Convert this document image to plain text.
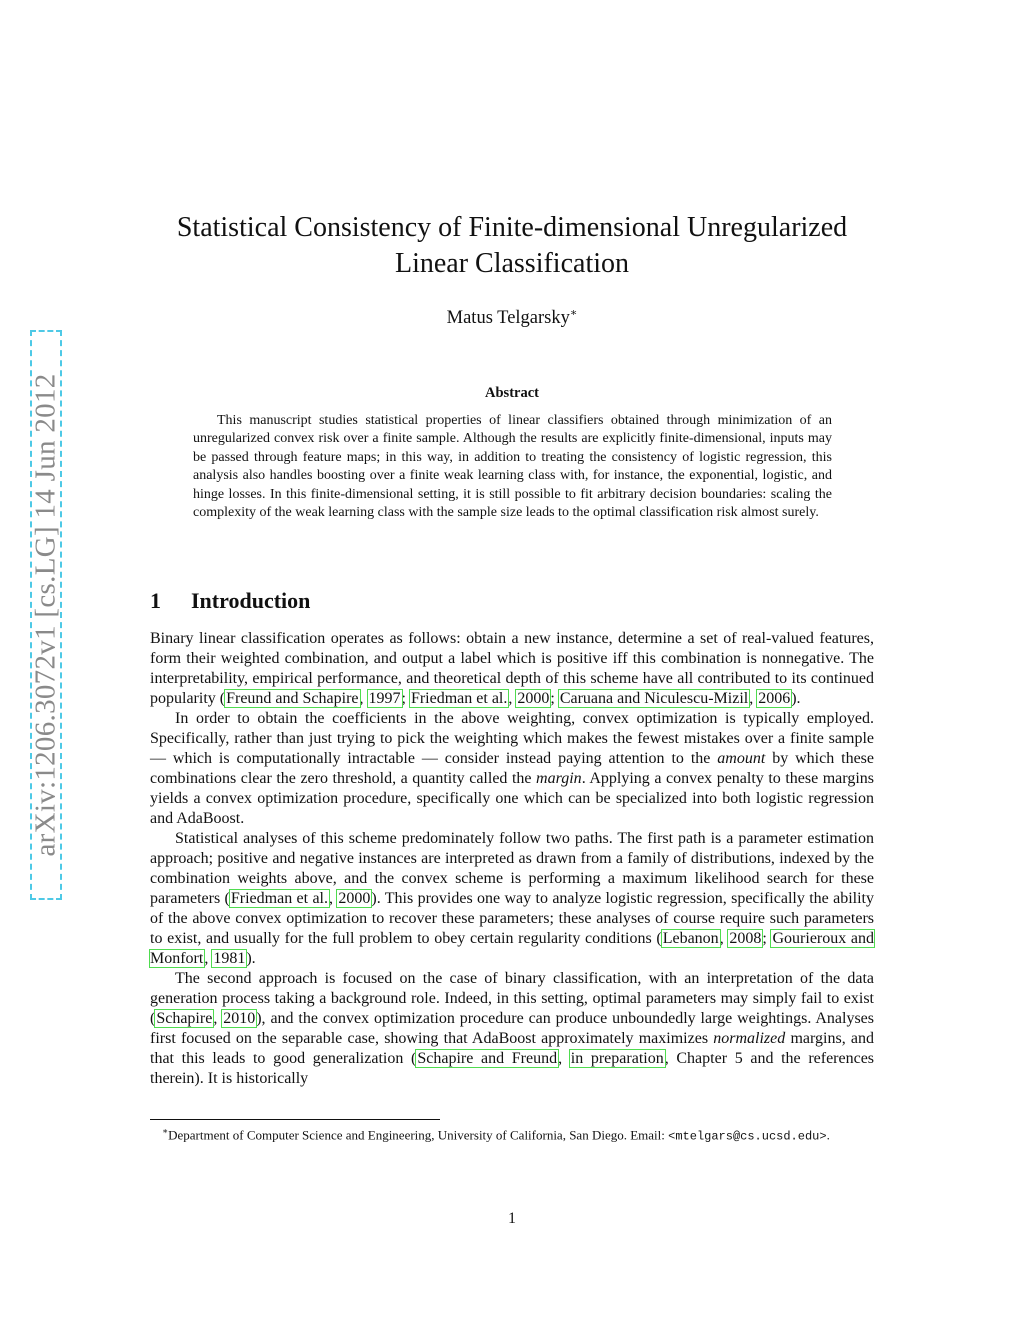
arXiv:1206.3072v1 [cs.LG] 14 Jun 2012
Statistical Consistency of Finite-dimensional Unregularized
Linear Classification
Matus Telgarsky∗
Abstract
This manuscript studies statistical properties of linear classifiers obtained through minimization of an unregularized convex risk over a finite sample. Although the results are explicitly finite-dimensional, inputs may be passed through feature maps; in this way, in addition to treating the consistency of logistic regression, this analysis also handles boosting over a finite weak learning class with, for instance, the exponential, logistic, and hinge losses. In this finite-dimensional setting, it is still possible to fit arbitrary decision boundaries: scaling the complexity of the weak learning class with the sample size leads to the optimal classification risk almost surely.
1 Introduction

Binary linear classification operates as follows: obtain a new instance, determine a set of real-valued features, form their weighted combination, and output a label which is positive iff this combination is nonnegative. The interpretability, empirical performance, and theoretical depth of this scheme have all contributed to its continued popularity (Freund and Schapire, 1997; Friedman et al., 2000; Caruana and Niculescu-Mizil, 2006).

In order to obtain the coefficients in the above weighting, convex optimization is typically employed. Specifically, rather than just trying to pick the weighting which makes the fewest mistakes over a finite sample — which is computationally intractable — consider instead paying attention to the amount by which these combinations clear the zero threshold, a quantity called the margin. Applying a convex penalty to these margins yields a convex optimization procedure, specifically one which can be specialized into both logistic regression and AdaBoost.

Statistical analyses of this scheme predominately follow two paths. The first path is a parameter estimation approach; positive and negative instances are interpreted as drawn from a family of distributions, indexed by the combination weights above, and the convex scheme is performing a maximum likelihood search for these parameters (Friedman et al., 2000). This provides one way to analyze logistic regression, specifically the ability of the above convex optimization to recover these parameters; these analyses of course require such parameters to exist, and usually for the full problem to obey certain regularity conditions (Lebanon, 2008; Gourieroux and Monfort, 1981).

The second approach is focused on the case of binary classification, with an interpretation of the data generation process taking a background role. Indeed, in this setting, optimal parameters may simply fail to exist (Schapire, 2010), and the convex optimization procedure can produce unboundedly large weightings. Analyses first focused on the separable case, showing that AdaBoost approximately maximizes normalized margins, and that this leads to good generalization (Schapire and Freund, in preparation, Chapter 5 and the references therein). It is historically

∗Department of Computer Science and Engineering, University of California, San Diego. Email: <mtelgars@cs.ucsd.edu>.
1
